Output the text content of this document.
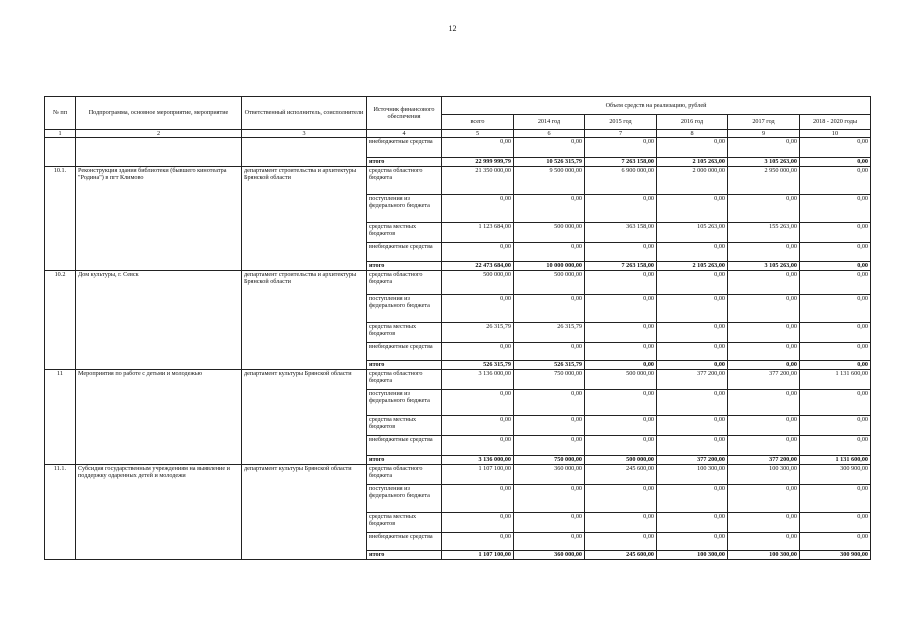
12
№ пп	Подпрограмма, основное мероприятие, мероприятие	Ответственный исполнитель, соисполнители	Источник финансового обеспечения	Объем средств на реализацию, рублей					
				всего	2014 год	2015 год	2016 год	2017 год	2018 - 2020 годы
1	2	3	4	5	6	7	8	9	10
			внебюджетные средства	0,00	0,00	0,00	0,00	0,00	0,00
			итого	22 999 999,79	10 526 315,79	7 263 158,00	2 105 263,00	3 105 263,00	0,00
10.1.	Реконструкция здания библиотеки (бывшего кинотеатра "Родина") в пгт Климово	департамент строительства и архитектуры Брянской области	средства областного бюджета	21 350 000,00	9 500 000,00	6 900 000,00	2 000 000,00	2 950 000,00	0,00
			поступления из федерального бюджета	0,00	0,00	0,00	0,00	0,00	0,00
			средства местных бюджетов	1 123 684,00	500 000,00	363 158,00	105 263,00	155 263,00	0,00
			внебюджетные средства	0,00	0,00	0,00	0,00	0,00	0,00
			итого	22 473 684,00	10 000 000,00	7 263 158,00	2 105 263,00	3 105 263,00	0,00
10.2	Дом культуры, г. Севск	департамент строительства и архитектуры Брянской области	средства областного бюджета	500 000,00	500 000,00	0,00	0,00	0,00	0,00
			поступления из федерального бюджета	0,00	0,00	0,00	0,00	0,00	0,00
			средства местных бюджетов	26 315,79	26 315,79	0,00	0,00	0,00	0,00
			внебюджетные средства	0,00	0,00	0,00	0,00	0,00	0,00
			итого	526 315,79	526 315,79	0,00	0,00	0,00	0,00
11	Мероприятия по работе с детьми и молодежью	департамент культуры Брянской области	средства областного бюджета	3 136 000,00	750 000,00	500 000,00	377 200,00	377 200,00	1 131 600,00
			поступления из федерального бюджета	0,00	0,00	0,00	0,00	0,00	0,00
			средства местных бюджетов	0,00	0,00	0,00	0,00	0,00	0,00
			внебюджетные средства	0,00	0,00	0,00	0,00	0,00	0,00
			итого	3 136 000,00	750 000,00	500 000,00	377 200,00	377 200,00	1 131 600,00
11.1.	Субсидия государственным учреждениям на выявление и поддержку одаренных детей и молодежи	департамент культуры Брянской области	средства областного бюджета	1 107 100,00	360 000,00	245 600,00	100 300,00	100 300,00	300 900,00
			поступления из федерального бюджета	0,00	0,00	0,00	0,00	0,00	0,00
			средства местных бюджетов	0,00	0,00	0,00	0,00	0,00	0,00
			внебюджетные средства	0,00	0,00	0,00	0,00	0,00	0,00
			итого	1 107 100,00	360 000,00	245 600,00	100 300,00	100 300,00	300 900,00
